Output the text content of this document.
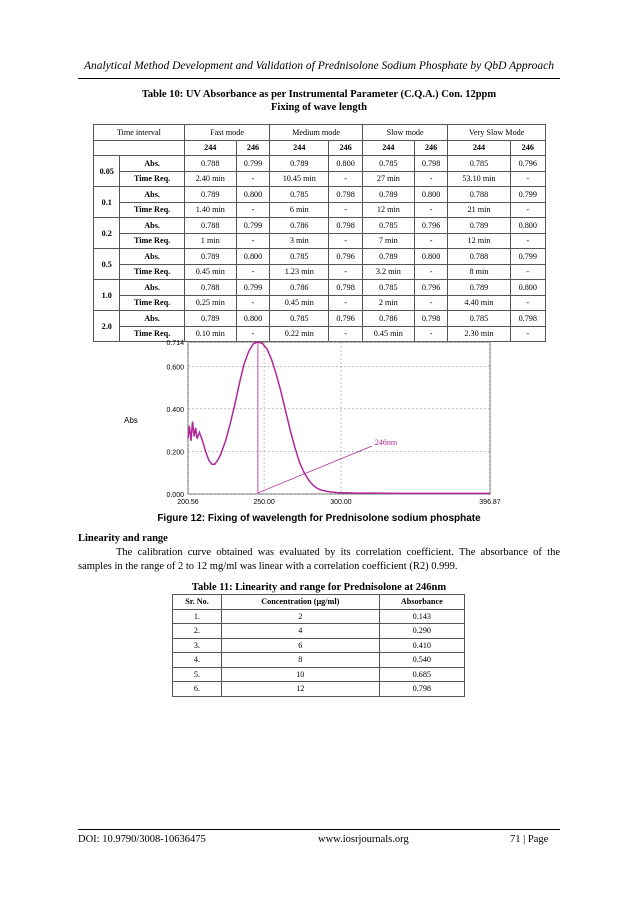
Analytical Method Development and Validation of Prednisolone Sodium Phosphate by QbD Approach
Table 10: UV Absorbance as per Instrumental Parameter (C.Q.A.) Con. 12ppm
Fixing of wave length
Time interval		Fast mode		Medium mode		Slow mode		Very Slow Mode	
		244	246	244	246	244	246	244	246
0.05	Abs.	0.788	0.799	0.789	0.800	0.785	0.798	0.785	0.796
	Time Req.	2.40 min	-	10.45 min	-	27 min	-	53.10 min	-
0.1	Abs.	0.789	0.800	0.785	0.798	0.789	0.800	0.788	0.799
	Time Req.	1.40 min	-	6 min	-	12 min	-	21 min	-
0.2	Abs.	0.788	0.799	0.786	0.798	0.785	0.796	0.789	0.800
	Time Req.	1 min	-	3 min	-	7 min	-	12 min	-
0.5	Abs.	0.789	0.800	0.785	0.796	0.789	0.800	0.788	0.799
	Time Req.	0.45 min	-	1.23 min	-	3.2 min	-	8 min	-
1.0	Abs.	0.788	0.799	0.786	0.798	0.785	0.796	0.789	0.800
	Time Req.	0.25 min	-	0.45 min	-	2 min	-	4.40 min	-
2.0	Abs.	0.789	0.800	0.785	0.796	0.786	0.798	0.785	0.798
	Time Req.	0.10 min	-	0.22 min	-	0.45 min	-	2.30 min	-
Abs
0.000
0.200
0.400
0.600
0.714
200.56	250.00	300.00	396.87
246nm
Figure 12: Fixing of wavelength for Prednisolone sodium phosphate
Linearity and range
The calibration curve obtained was evaluated by its correlation coefficient. The absorbance of the samples in the range of 2 to 12 mg/ml was linear with a correlation coefficient (R2) 0.999.
Table 11: Linearity and range for Prednisolone at 246nm
Sr. No.	Concentration (µg/ml)	Absorbance
1.	2	0.143
2.	4	0.290
3.	6	0.410
4.	8	0.540
5.	10	0.685
6.	12	0.798
DOI: 10.9790/3008-10636475	www.iosrjournals.org	71 | Page
